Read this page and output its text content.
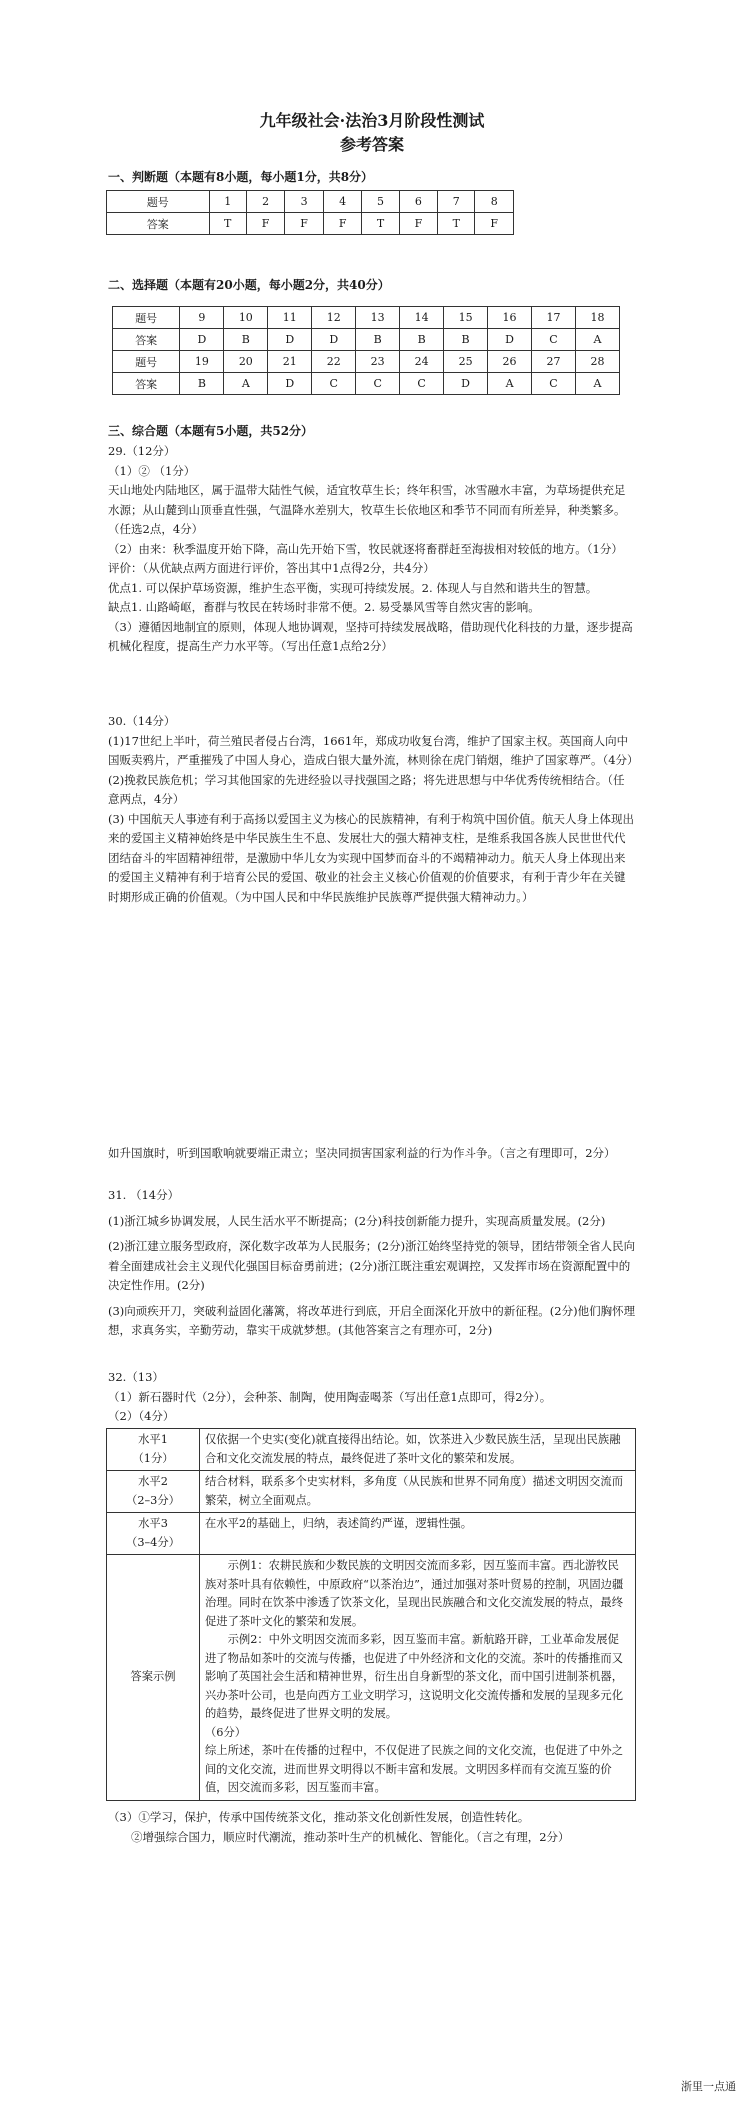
九年级社会·法治3月阶段性测试
参考答案
一、判断题（本题有8小题，每小题1分，共8分）
题号	1	2	3	4	5	6	7	8
答案	T	F	F	F	T	F	T	F
二、选择题（本题有20小题，每小题2分，共40分）
题号	9	10	11	12	13	14	15	16	17	18
答案	D	B	D	D	B	B	B	D	C	A
题号	19	20	21	22	23	24	25	26	27	28
答案	B	A	D	C	C	C	D	A	C	A
三、综合题（本题有5小题，共52分）
29.（12分）
（1）② （1分）
天山地处内陆地区，属于温带大陆性气候，适宜牧草生长；终年积雪，冰雪融水丰富，为草场提供充足水源；从山麓到山顶垂直性强，气温降水差别大，牧草生长依地区和季节不同而有所差异，种类繁多。（任选2点，4分）
（2）由来：秋季温度开始下降，高山先开始下雪，牧民就逐将畜群赶至海拔相对较低的地方。（1分）
评价：（从优缺点两方面进行评价，答出其中1点得2分，共4分）
优点1. 可以保护草场资源，维护生态平衡，实现可持续发展。2. 体现人与自然和谐共生的智慧。
缺点1. 山路崎岖，畜群与牧民在转场时非常不便。2. 易受暴风雪等自然灾害的影响。
（3）遵循因地制宜的原则，体现人地协调观，坚持可持续发展战略，借助现代化科技的力量，逐步提高机械化程度，提高生产力水平等。（写出任意1点给2分）
30.（14分）
(1)17世纪上半叶，荷兰殖民者侵占台湾，1661年，郑成功收复台湾，维护了国家主权。英国商人向中国贩卖鸦片，严重摧残了中国人身心，造成白银大量外流，林则徐在虎门销烟，维护了国家尊严。（4分）
(2)挽救民族危机；学习其他国家的先进经验以寻找强国之路；将先进思想与中华优秀传统相结合。（任意两点，4分）
(3) 中国航天人事迹有利于高扬以爱国主义为核心的民族精神，有利于构筑中国价值。航天人身上体现出来的爱国主义精神始终是中华民族生生不息、发展壮大的强大精神支柱，是维系我国各族人民世世代代团结奋斗的牢固精神纽带，是激励中华儿女为实现中国梦而奋斗的不竭精神动力。航天人身上体现出来的爱国主义精神有利于培育公民的爱国、敬业的社会主义核心价值观的价值要求，有利于青少年在关键时期形成正确的价值观。（为中国人民和中华民族维护民族尊严提供强大精神动力。）
如升国旗时，听到国歌响就要端正肃立；坚决同损害国家利益的行为作斗争。（言之有理即可，2分）
31. （14分）
(1)浙江城乡协调发展，人民生活水平不断提高；(2分)科技创新能力提升，实现高质量发展。(2分)
(2)浙江建立服务型政府，深化数字改革为人民服务；(2分)浙江始终坚持党的领导，团结带领全省人民向着全面建成社会主义现代化强国目标奋勇前进；(2分)浙江既注重宏观调控，又发挥市场在资源配置中的决定性作用。(2分)
(3)向顽疾开刀，突破利益固化藩篱，将改革进行到底，开启全面深化开放中的新征程。(2分)他们胸怀理想，求真务实，辛勤劳动，靠实干成就梦想。(其他答案言之有理亦可，2分)
32.（13）
（1）新石器时代（2分），会种茶、制陶，使用陶壶喝茶（写出任意1点即可，得2分）。
（2）（4分）
水平1
（1分）	仅依据一个史实(变化)就直接得出结论。如，饮茶进入少数民族生活，呈现出民族融合和文化交流发展的特点，最终促进了茶叶文化的繁荣和发展。
水平2
（2–3分）	结合材料，联系多个史实材料，多角度（从民族和世界不同角度）描述文明因交流而繁荣，树立全面观点。
水平3
（3–4分）	在水平2的基础上，归纳，表述简约严谨，逻辑性强。
答案示例	示例1：农耕民族和少数民族的文明因交流而多彩，因互鉴而丰富。西北游牧民族对茶叶具有依赖性，中原政府“以茶治边”，通过加强对茶叶贸易的控制，巩固边疆治理。同时在饮茶中渗透了饮茶文化，呈现出民族融合和文化交流发展的特点，最终促进了茶叶文化的繁荣和发展。
示例2：中外文明因交流而多彩，因互鉴而丰富。新航路开辟，工业革命发展促进了物品如茶叶的交流与传播，也促进了中外经济和文化的交流。茶叶的传播推而又影响了英国社会生活和精神世界，衍生出自身新型的茶文化，而中国引进制茶机器，兴办茶叶公司，也是向西方工业文明学习，这说明文化交流传播和发展的呈现多元化的趋势，最终促进了世界文明的发展。
（6分）
综上所述，茶叶在传播的过程中，不仅促进了民族之间的文化交流，也促进了中外之间的文化交流，进而世界文明得以不断丰富和发展。文明因多样而有交流互鉴的价值，因交流而多彩，因互鉴而丰富。
（3）①学习，保护，传承中国传统茶文化，推动茶文化创新性发展，创造性转化。
②增强综合国力，顺应时代潮流，推动茶叶生产的机械化、智能化。（言之有理，2分）
浙里一点通
